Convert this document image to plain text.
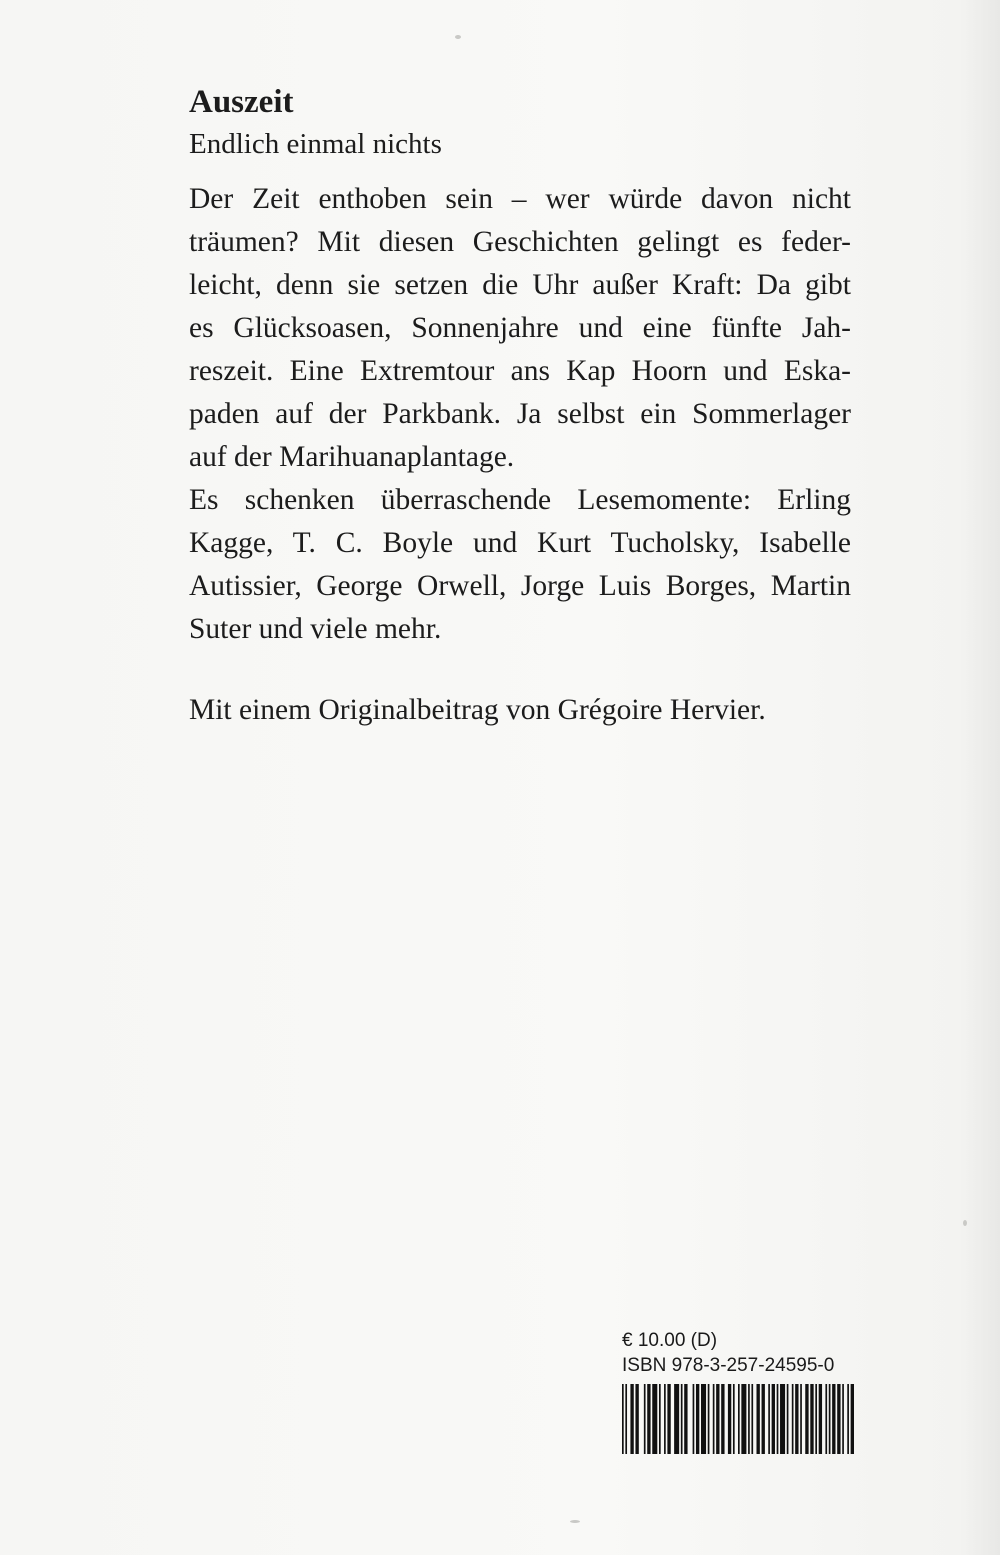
Auszeit
Endlich einmal nichts

Der Zeit enthoben sein – wer würde davon nicht
träumen? Mit diesen Geschichten gelingt es feder-
leicht, denn sie setzen die Uhr außer Kraft: Da gibt
es Glücksoasen, Sonnenjahre und eine fünfte Jah-
reszeit. Eine Extremtour ans Kap Hoorn und Eska-
paden auf der Parkbank. Ja selbst ein Sommerlager
auf der Marihuanaplantage.
Es schenken überraschende Lesemomente: Erling
Kagge, T. C. Boyle und Kurt Tucholsky, Isabelle
Autissier, George Orwell, Jorge Luis Borges, Martin
Suter und viele mehr.

Mit einem Originalbeitrag von Grégoire Hervier.

€ 10.00 (D)
ISBN 978-3-257-24595-0
